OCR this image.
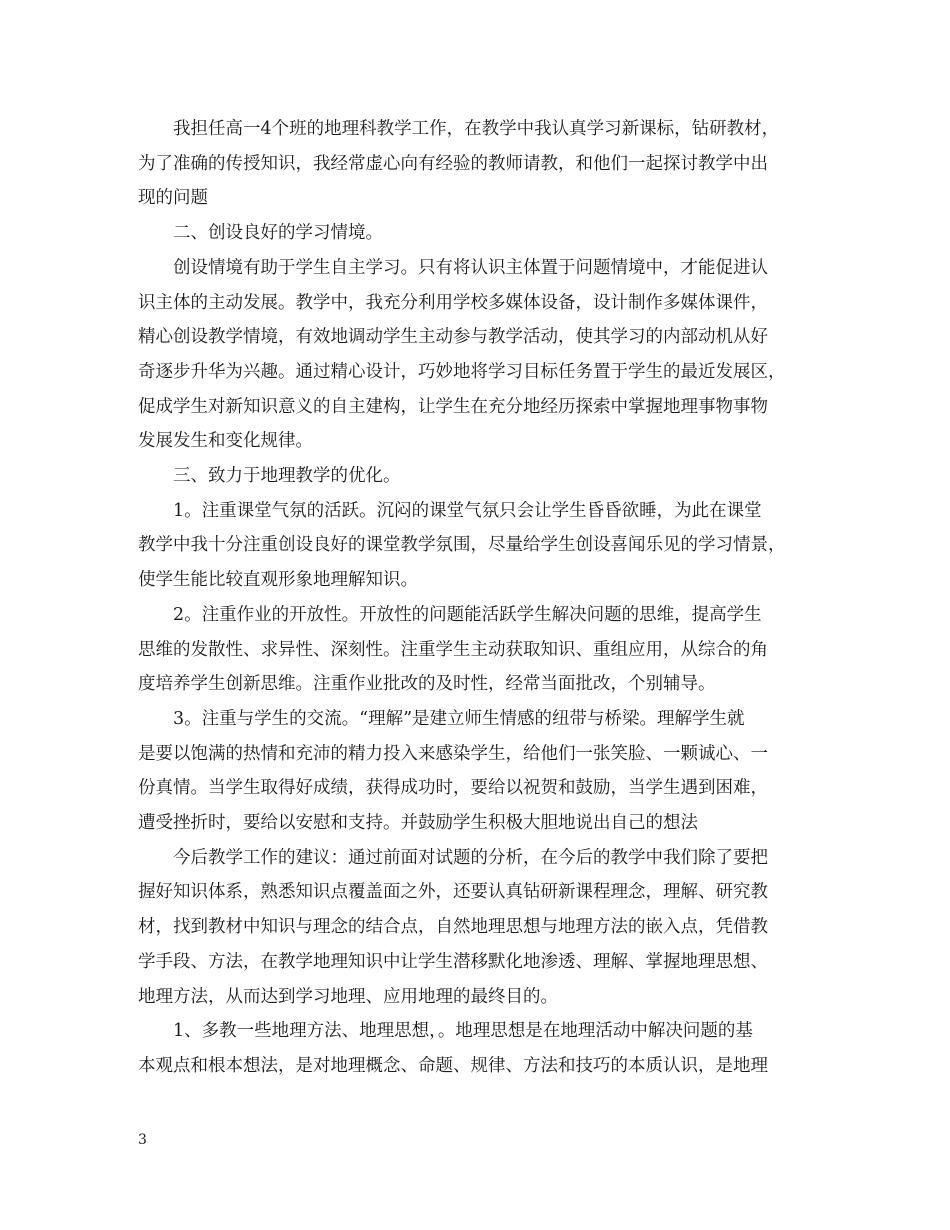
我担任高一4个班的地理科教学工作，在教学中我认真学习新课标，钻研教材，
为了准确的传授知识，我经常虚心向有经验的教师请教，和他们一起探讨教学中出
现的问题

二、创设良好的学习情境。

创设情境有助于学生自主学习。只有将认识主体置于问题情境中，才能促进认
识主体的主动发展。教学中，我充分利用学校多媒体设备，设计制作多媒体课件，
精心创设教学情境，有效地调动学生主动参与教学活动，使其学习的内部动机从好
奇逐步升华为兴趣。通过精心设计，巧妙地将学习目标任务置于学生的最近发展区，
促成学生对新知识意义的自主建构，让学生在充分地经历探索中掌握地理事物事物
发展发生和变化规律。

三、致力于地理教学的优化。

1。注重课堂气氛的活跃。沉闷的课堂气氛只会让学生昏昏欲睡，为此在课堂
教学中我十分注重创设良好的课堂教学氛围，尽量给学生创设喜闻乐见的学习情景，
使学生能比较直观形象地理解知识。

2。注重作业的开放性。开放性的问题能活跃学生解决问题的思维，提高学生
思维的发散性、求异性、深刻性。注重学生主动获取知识、重组应用，从综合的角
度培养学生创新思维。注重作业批改的及时性，经常当面批改，个别辅导。

3。注重与学生的交流。“理解”是建立师生情感的纽带与桥梁。理解学生就
是要以饱满的热情和充沛的精力投入来感染学生，给他们一张笑脸、一颗诚心、一
份真情。当学生取得好成绩，获得成功时，要给以祝贺和鼓励，当学生遇到困难，
遭受挫折时，要给以安慰和支持。并鼓励学生积极大胆地说出自己的想法

今后教学工作的建议：通过前面对试题的分析，在今后的教学中我们除了要把
握好知识体系，熟悉知识点覆盖面之外，还要认真钻研新课程理念，理解、研究教
材，找到教材中知识与理念的结合点，自然地理思想与地理方法的嵌入点，凭借教
学手段、方法，在教学地理知识中让学生潜移默化地渗透、理解、掌握地理思想、
地理方法，从而达到学习地理、应用地理的最终目的。

1、多教一些地理方法、地理思想，。地理思想是在地理活动中解决问题的基
本观点和根本想法，是对地理概念、命题、规律、方法和技巧的本质认识，是地理

3
